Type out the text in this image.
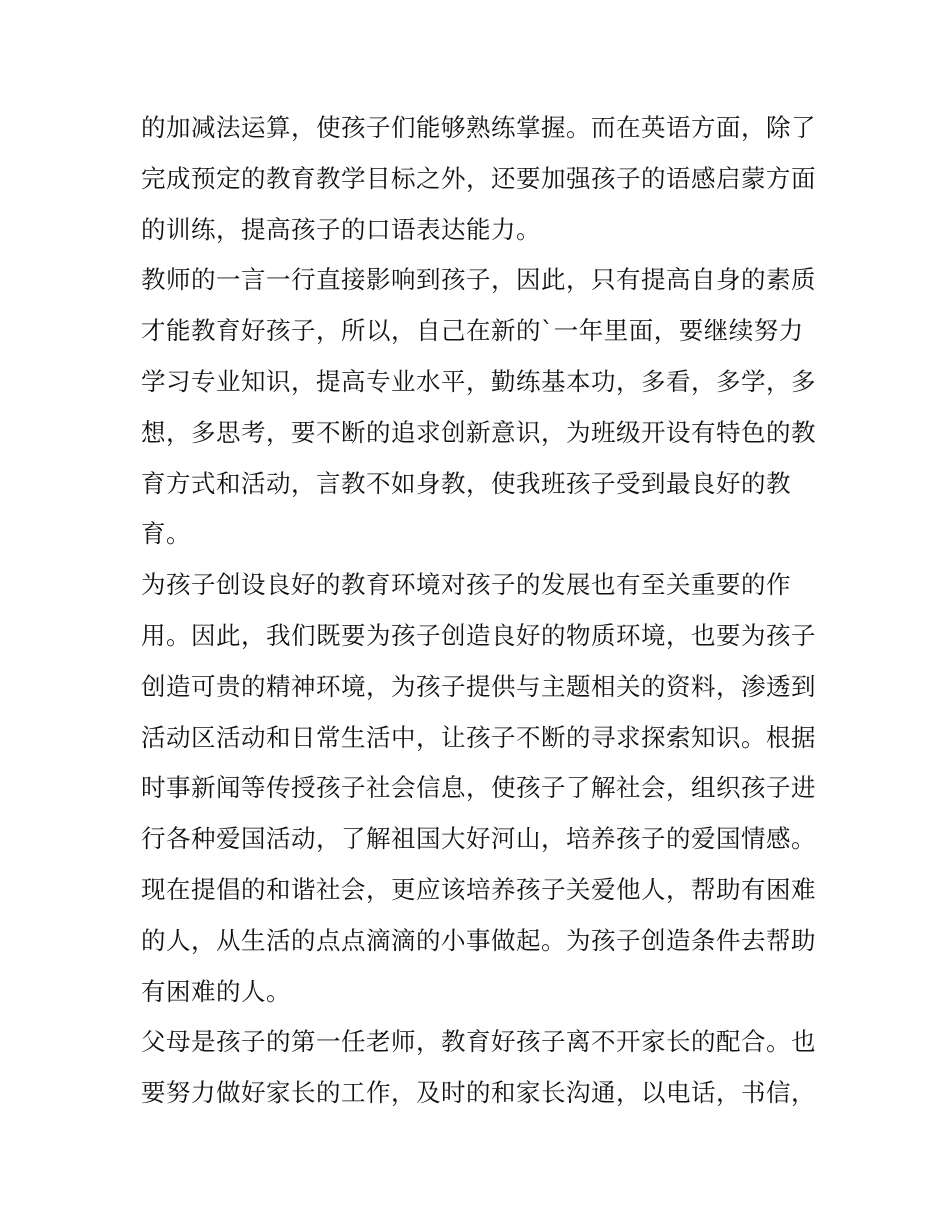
的加减法运算，使孩子们能够熟练掌握。而在英语方面，除了
完成预定的教育教学目标之外，还要加强孩子的语感启蒙方面
的训练，提高孩子的口语表达能力。
教师的一言一行直接影响到孩子，因此，只有提高自身的素质
才能教育好孩子，所以，自己在新的`一年里面，要继续努力
学习专业知识，提高专业水平，勤练基本功，多看，多学，多
想，多思考，要不断的追求创新意识，为班级开设有特色的教
育方式和活动，言教不如身教，使我班孩子受到最良好的教
育。
为孩子创设良好的教育环境对孩子的发展也有至关重要的作
用。因此，我们既要为孩子创造良好的物质环境，也要为孩子
创造可贵的精神环境，为孩子提供与主题相关的资料，渗透到
活动区活动和日常生活中，让孩子不断的寻求探索知识。根据
时事新闻等传授孩子社会信息，使孩子了解社会，组织孩子进
行各种爱国活动，了解祖国大好河山，培养孩子的爱国情感。
现在提倡的和谐社会，更应该培养孩子关爱他人，帮助有困难
的人，从生活的点点滴滴的小事做起。为孩子创造条件去帮助
有困难的人。
父母是孩子的第一任老师，教育好孩子离不开家长的配合。也
要努力做好家长的工作，及时的和家长沟通，以电话，书信，
